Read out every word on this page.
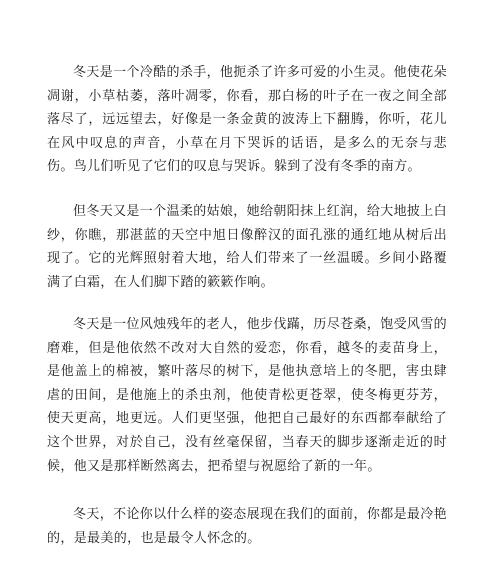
冬天是一个冷酷的杀手，他扼杀了许多可爱的小生灵。他使花朵凋谢，小草枯萎，落叶凋零，你看，那白杨的叶子在一夜之间全部落尽了，远远望去，好像是一条金黄的波涛上下翻腾，你听，花儿在风中叹息的声音，小草在月下哭诉的话语，是多么的无奈与悲伤。鸟儿们听见了它们的叹息与哭诉。躲到了没有冬季的南方。

但冬天又是一个温柔的姑娘，她给朝阳抹上红润，给大地披上白纱，你瞧，那湛蓝的天空中旭日像醉汉的面孔涨的通红地从树后出现了。它的光辉照射着大地，给人们带来了一丝温暖。乡间小路覆满了白霜，在人们脚下踏的簌簌作响。

冬天是一位风烛残年的老人，他步伐蹣，历尽苍桑，饱受风雪的磨难，但是他依然不改对大自然的爱恋，你看，越冬的麦苗身上，是他盖上的棉被，繁叶落尽的树下，是他执意培上的冬肥，害虫肆虐的田间，是他施上的杀虫剂，他使青松更苍翠，使冬梅更芬芳，使天更高，地更远。人们更坚强，他把自己最好的东西都奉献给了这个世界，对於自己，没有丝毫保留，当春天的脚步逐渐走近的时候，他又是那样断然离去，把希望与祝愿给了新的一年。

冬天，不论你以什么样的姿态展现在我们的面前，你都是最冷艳的，是最美的，也是最令人怀念的。
